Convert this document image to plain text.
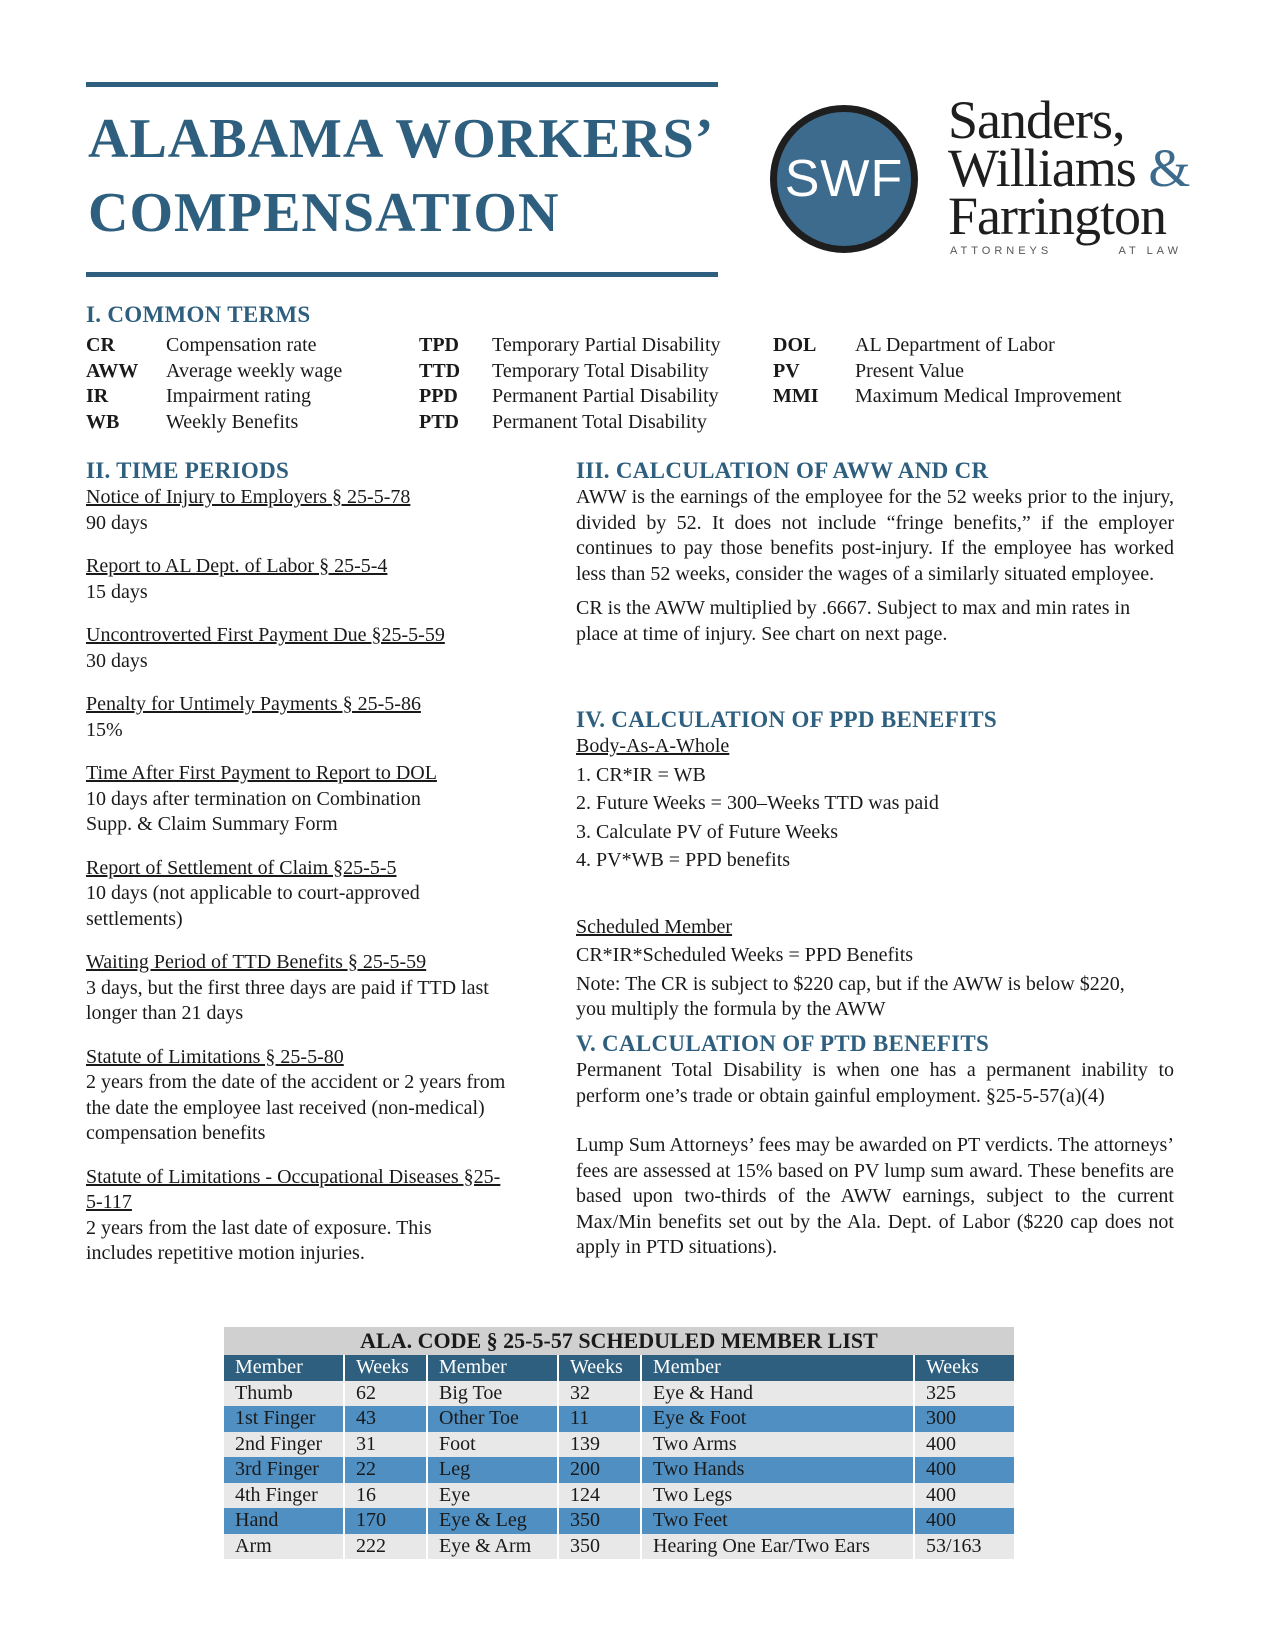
ALABAMA WORKERS’
COMPENSATION
SWF
Sanders,
Williams &
Farrington
ATTORNEYS	AT LAW
I. COMMON TERMS
CR	Compensation rate
AWW	Average weekly wage
IR	Impairment rating
WB	Weekly Benefits
TPD	Temporary Partial Disability
TTD	Temporary Total Disability
PPD	Permanent Partial Disability
PTD	Permanent Total Disability
DOL	AL Department of Labor
PV	Present Value
MMI	Maximum Medical Improvement
II. TIME PERIODS
Notice of Injury to Employers § 25-5-78
90 days
Report to AL Dept. of Labor § 25-5-4
15 days
Uncontroverted First Payment Due §25-5-59
30 days
Penalty for Untimely Payments § 25-5-86
15%
Time After First Payment to Report to DOL
10 days after termination on Combination Supp. & Claim Summary Form
Report of Settlement of Claim §25-5-5
10 days (not applicable to court-approved settlements)
Waiting Period of TTD Benefits § 25-5-59
3 days, but the first three days are paid if TTD last longer than 21 days
Statute of Limitations § 25-5-80
2 years from the date of the accident or 2 years from the date the employee last received (non-medical) compensation benefits
Statute of Limitations - Occupational Diseases §25-5-117
2 years from the last date of exposure. This includes repetitive motion injuries.
III. CALCULATION OF AWW AND CR

AWW is the earnings of the employee for the 52 weeks prior to the injury, divided by 52. It does not include “fringe benefits,” if the employer continues to pay those benefits post-injury. If the employee has worked less than 52 weeks, consider the wages of a similarly situated employee.

CR is the AWW multiplied by .6667. Subject to max and min rates in place at time of injury. See chart on next page.

IV. CALCULATION OF PPD BENEFITS
Body-As-A-Whole
1. CR*IR = WB
2. Future Weeks = 300–Weeks TTD was paid
3. Calculate PV of Future Weeks
4. PV*WB = PPD benefits
Scheduled Member
CR*IR*Scheduled Weeks = PPD Benefits
Note: The CR is subject to $220 cap, but if the AWW is below $220, you multiply the formula by the AWW
V. CALCULATION OF PTD BENEFITS

Permanent Total Disability is when one has a permanent inability to perform one’s trade or obtain gainful employment. §25-5-57(a)(4)

Lump Sum Attorneys’ fees may be awarded on PT verdicts. The attorneys’ fees are assessed at 15% based on PV lump sum award. These benefits are based upon two-thirds of the AWW earnings, subject to the current Max/Min benefits set out by the Ala. Dept. of Labor ($220 cap does not apply in PTD situations).

ALA. CODE § 25-5-57 SCHEDULED MEMBER LIST
Member	Weeks	Member	Weeks	Member	Weeks
Thumb	62	Big Toe	32	Eye & Hand	325
1st Finger	43	Other Toe	11	Eye & Foot	300
2nd Finger	31	Foot	139	Two Arms	400
3rd Finger	22	Leg	200	Two Hands	400
4th Finger	16	Eye	124	Two Legs	400
Hand	170	Eye & Leg	350	Two Feet	400
Arm	222	Eye & Arm	350	Hearing One Ear/Two Ears	53/163
